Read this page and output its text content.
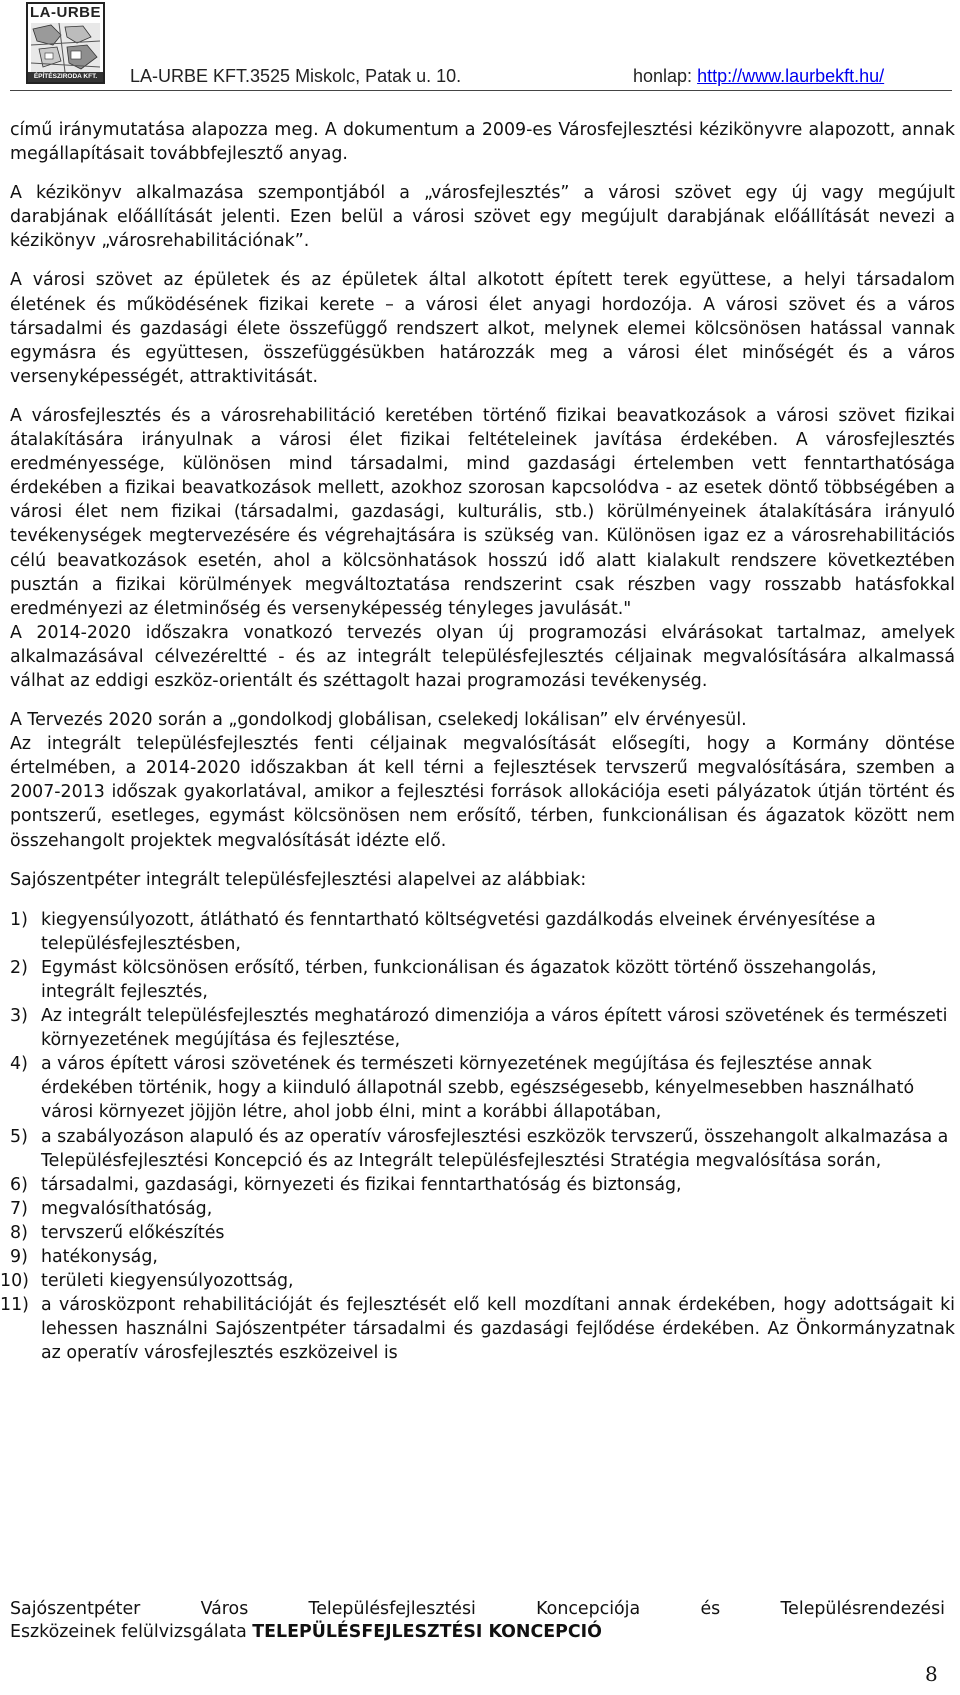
LA-URBE
ÉPÍTÉSZIRODA KFT.	LA-URBE KFT.3525 Miskolc, Patak u. 10.	honlap: http://www.laurbekft.hu/

című iránymutatása alapozza meg. A dokumentum a 2009-es Városfejlesztési kézikönyvre alapozott, annak megállapításait továbbfejlesztő anyag.

A kézikönyv alkalmazása szempontjából a „városfejlesztés” a városi szövet egy új vagy megújult darabjának előállítását jelenti. Ezen belül a városi szövet egy megújult darabjának előállítását nevezi a kézikönyv „városrehabilitációnak”.

A városi szövet az épületek és az épületek által alkotott épített terek együttese, a helyi társadalom életének és működésének fizikai kerete – a városi élet anyagi hordozója. A városi szövet és a város társadalmi és gazdasági élete összefüggő rendszert alkot, melynek elemei kölcsönösen hatással vannak egymásra és együttesen, összefüggésükben határozzák meg a városi élet minőségét és a város versenyképességét, attraktivitását.

A városfejlesztés és a városrehabilitáció keretében történő fizikai beavatkozások a városi szövet fizikai átalakítására irányulnak a városi élet fizikai feltételeinek javítása érdekében. A városfejlesztés eredményessége, különösen mind társadalmi, mind gazdasági értelemben vett fenntarthatósága érdekében a fizikai beavatkozások mellett, azokhoz szorosan kapcsolódva - az esetek döntő többségében a városi élet nem fizikai (társadalmi, gazdasági, kulturális, stb.) körülményeinek átalakítására irányuló tevékenységek megtervezésére és végrehajtására is szükség van. Különösen igaz ez a városrehabilitációs célú beavatkozások esetén, ahol a kölcsönhatások hosszú idő alatt kialakult rendszere következtében pusztán a fizikai körülmények megváltoztatása rendszerint csak részben vagy rosszabb hatásfokkal eredményezi az életminőség és versenyképesség tényleges javulását."

A 2014-2020 időszakra vonatkozó tervezés olyan új programozási elvárásokat tartalmaz, amelyek alkalmazásával célvezéreltté - és az integrált településfejlesztés céljainak megvalósítására alkalmassá válhat az eddigi eszköz-orientált és széttagolt hazai programozási tevékenység.

A Tervezés 2020 során a „gondolkodj globálisan, cselekedj lokálisan” elv érvényesül.

Az integrált településfejlesztés fenti céljainak megvalósítását elősegíti, hogy a Kormány döntése értelmében, a 2014-2020 időszakban át kell térni a fejlesztések tervszerű megvalósítására, szemben a 2007-2013 időszak gyakorlatával, amikor a fejlesztési források allokációja eseti pályázatok útján történt és pontszerű, esetleges, egymást kölcsönösen nem erősítő, térben, funkcionálisan és ágazatok között nem összehangolt projektek megvalósítását idézte elő.

Sajószentpéter integrált településfejlesztési alapelvei az alábbiak:

1) kiegyensúlyozott, átlátható és fenntartható költségvetési gazdálkodás elveinek érvényesítése a településfejlesztésben,
2) Egymást kölcsönösen erősítő, térben, funkcionálisan és ágazatok között történő összehangolás, integrált fejlesztés,
3) Az integrált településfejlesztés meghatározó dimenziója a város épített városi szövetének és természeti környezetének megújítása és fejlesztése,
4) a város épített városi szövetének és természeti környezetének megújítása és fejlesztése annak érdekében történik, hogy a kiinduló állapotnál szebb, egészségesebb, kényelmesebben használható városi környezet jöjjön létre, ahol jobb élni, mint a korábbi állapotában,
5) a szabályozáson alapuló és az operatív városfejlesztési eszközök tervszerű, összehangolt alkalmazása a Településfejlesztési Koncepció és az Integrált településfejlesztési Stratégia megvalósítása során,
6) társadalmi, gazdasági, környezeti és fizikai fenntarthatóság és biztonság,
7) megvalósíthatóság,
8) tervszerű előkészítés
9) hatékonyság,
10) területi kiegyensúlyozottság,
11) a városközpont rehabilitációját és fejlesztését elő kell mozdítani annak érdekében, hogy adottságait ki lehessen használni Sajószentpéter társadalmi és gazdasági fejlődése érdekében. Az Önkormányzatnak az operatív városfejlesztés eszközeivel is
Sajószentpéter Város Településfejlesztési Koncepciója és Településrendezési
Eszközeinek felülvizsgálata TELEPÜLÉSFEJLESZTÉSI KONCEPCIÓ
8
